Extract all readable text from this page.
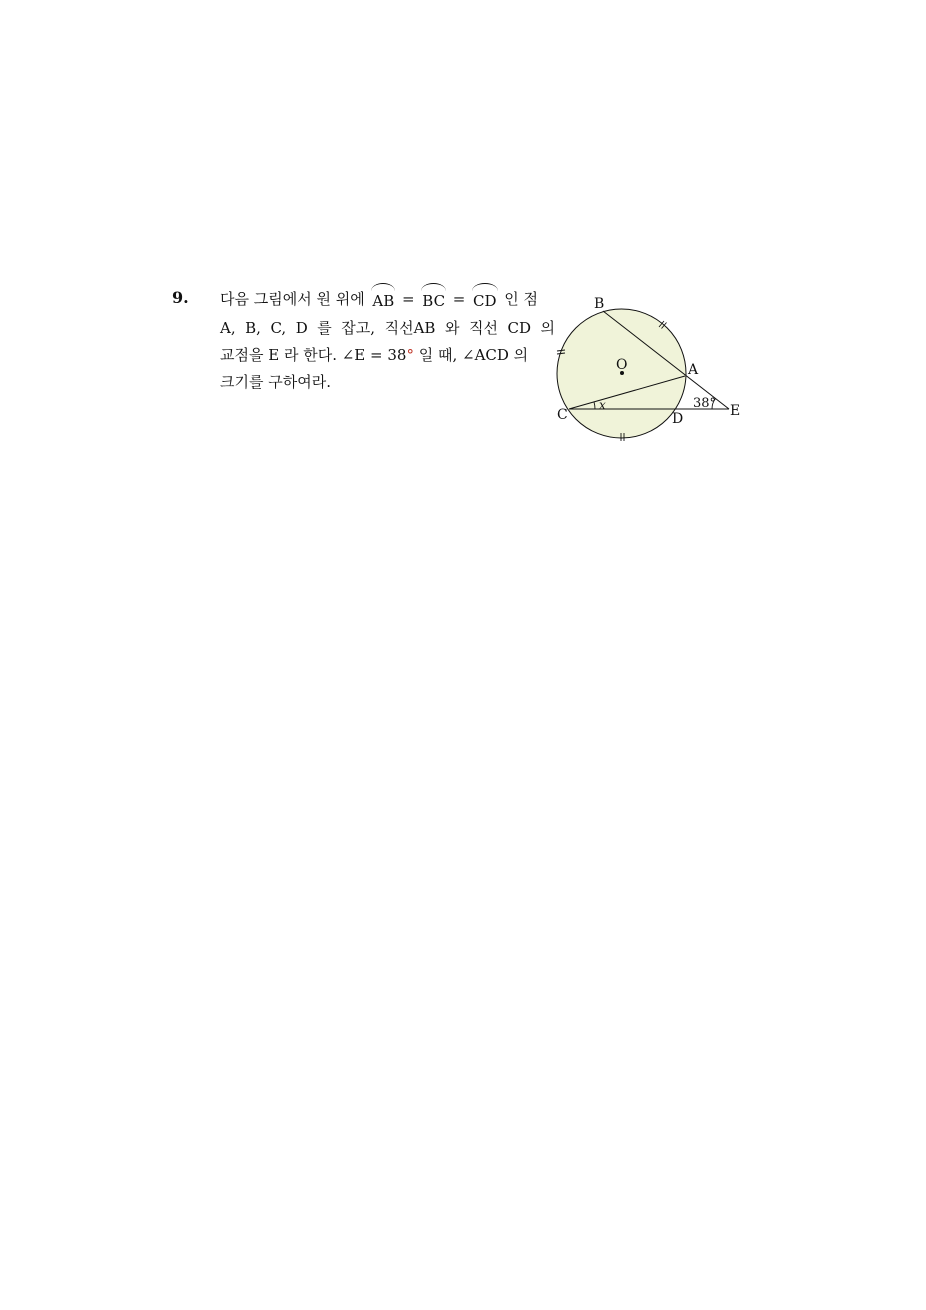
9. 다음 그림에서 원 위에 AB = BC = CD 인 점
A,  B,  C,  D  를  잡고,  직선AB  와  직선  CD  의
교점을 E 라 한다. ∠E = 38° 일 때, ∠ACD 의
크기를 구하여라.
B
O	A
C	D	E
x	38°
